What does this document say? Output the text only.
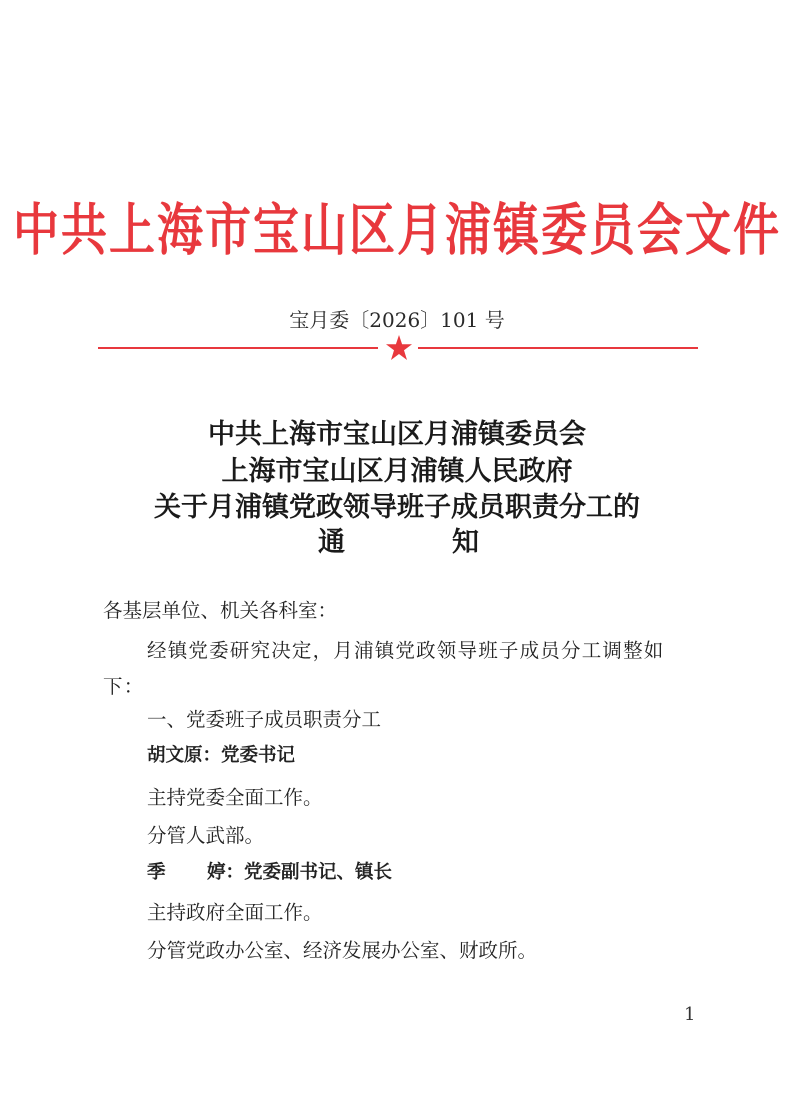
中共上海市宝山区月浦镇委员会文件
宝月委〔2026〕101 号
中共上海市宝山区月浦镇委员会
上海市宝山区月浦镇人民政府
关于月浦镇党政领导班子成员职责分工的
通	知
各基层单位、机关各科室：
经镇党委研究决定，月浦镇党政领导班子成员分工调整如下：
一、党委班子成员职责分工
胡文原：党委书记
主持党委全面工作。
分管人武部。
季 婷：党委副书记、镇长
主持政府全面工作。
分管党政办公室、经济发展办公室、财政所。
1
